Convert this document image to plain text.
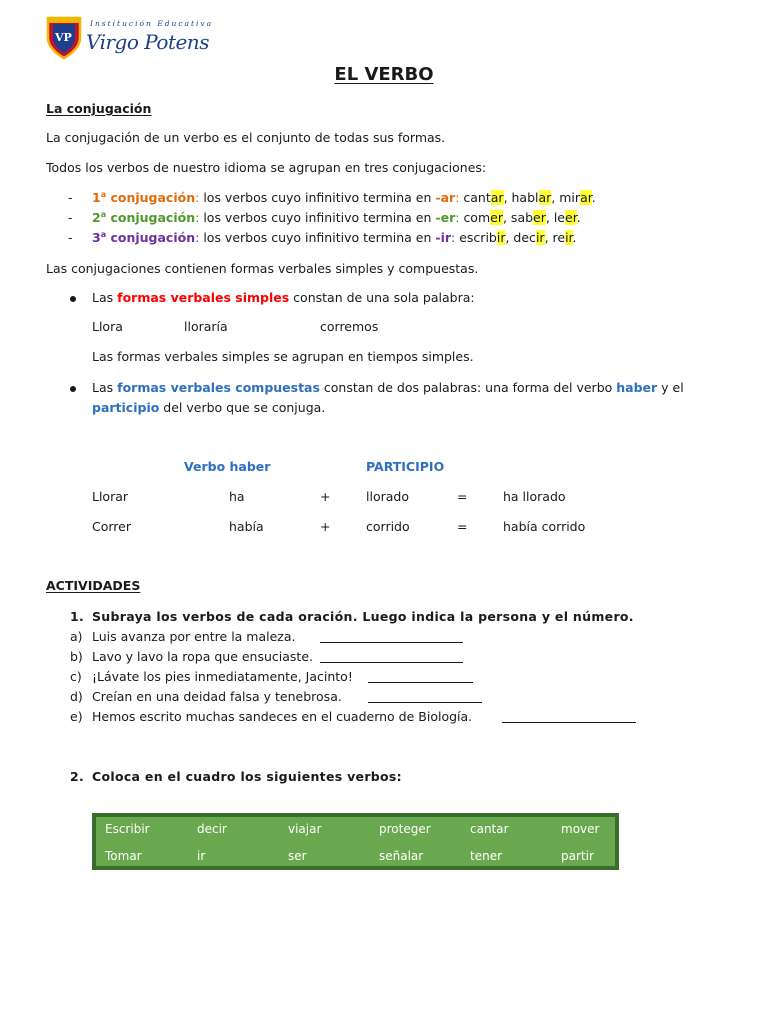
VP
Institución Educativa
Virgo Potens
EL VERBO
La conjugación
La conjugación de un verbo es el conjunto de todas sus formas.
Todos los verbos de nuestro idioma se agrupan en tres conjugaciones:
- 1$^a$ conjugación: los verbos cuyo infinitivo termina en -ar: cantar, hablar, mirar.
- 2$^a$ conjugación: los verbos cuyo infinitivo termina en -er: comer, saber, leer.
- 3$^a$ conjugación: los verbos cuyo infinitivo termina en -ir: escribir, decir, reir.
Las conjugaciones contienen formas verbales simples y compuestas.
Las formas verbales simples constan de una sola palabra:
Llora	lloraría	corremos
Las formas verbales simples se agrupan en tiempos simples.
Las formas verbales compuestas constan de dos palabras: una forma del verbo haber y el
participio del verbo que se conjuga.
Verbo haber	PARTICIPIO
Llorar	ha	+	llorado	=	ha llorado
Correr	había	+	corrido	=	había corrido
ACTIVIDADES
1. Subraya los verbos de cada oración. Luego indica la persona y el número.
a) Luis avanza por entre la maleza.
b) Lavo y lavo la ropa que ensuciaste.
c) ¡Lávate los pies inmediatamente, Jacinto!
d) Creían en una deidad falsa y tenebrosa.
e) Hemos escrito muchas sandeces en el cuaderno de Biología.
2. Coloca en el cuadro los siguientes verbos:
Escribir	decir	viajar	proteger	cantar	mover
Tomar	ir	ser	señalar	tener	partir
